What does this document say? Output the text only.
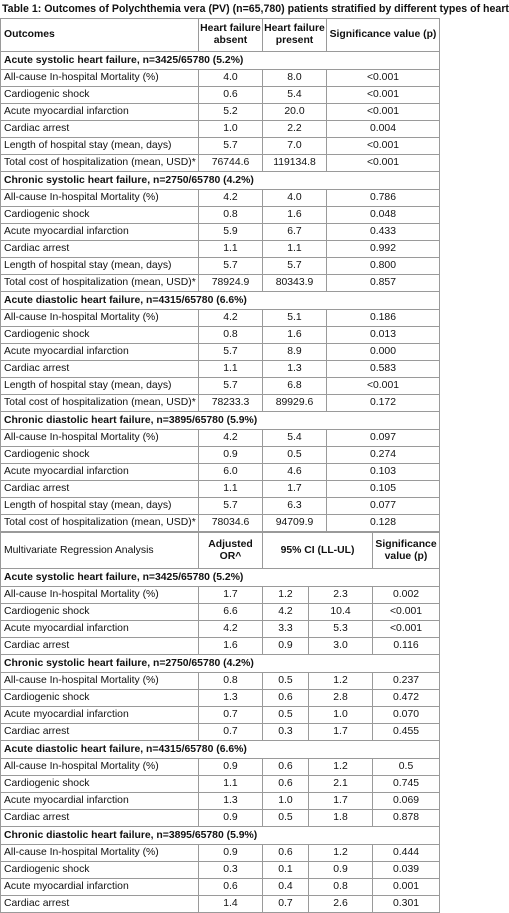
Table 1: Outcomes of Polychthemia vera (PV) (n=65,780) patients stratified by different types of heart
Outcomes	Heart failure absent	Heart failure present	Significance value (p)
Acute systolic heart failure, n=3425/65780 (5.2%)			
All-cause In-hospital Mortality (%)	4.0	8.0	<0.001
Cardiogenic shock	0.6	5.4	<0.001
Acute myocardial infarction	5.2	20.0	<0.001
Cardiac arrest	1.0	2.2	0.004
Length of hospital stay (mean, days)	5.7	7.0	<0.001
Total cost of hospitalization (mean, USD)*	76744.6	119134.8	<0.001
Chronic systolic heart failure, n=2750/65780 (4.2%)			
All-cause In-hospital Mortality (%)	4.2	4.0	0.786
Cardiogenic shock	0.8	1.6	0.048
Acute myocardial infarction	5.9	6.7	0.433
Cardiac arrest	1.1	1.1	0.992
Length of hospital stay (mean, days)	5.7	5.7	0.800
Total cost of hospitalization (mean, USD)*	78924.9	80343.9	0.857
Acute diastolic heart failure, n=4315/65780 (6.6%)			
All-cause In-hospital Mortality (%)	4.2	5.1	0.186
Cardiogenic shock	0.8	1.6	0.013
Acute myocardial infarction	5.7	8.9	0.000
Cardiac arrest	1.1	1.3	0.583
Length of hospital stay (mean, days)	5.7	6.8	<0.001
Total cost of hospitalization (mean, USD)*	78233.3	89929.6	0.172
Chronic diastolic heart failure, n=3895/65780 (5.9%)			
All-cause In-hospital Mortality (%)	4.2	5.4	0.097
Cardiogenic shock	0.9	0.5	0.274
Acute myocardial infarction	6.0	4.6	0.103
Cardiac arrest	1.1	1.7	0.105
Length of hospital stay (mean, days)	5.7	6.3	0.077
Total cost of hospitalization (mean, USD)*	78034.6	94709.9	0.128
Multivariate Regression Analysis	Adjusted OR^	95% CI (LL-UL)		Significance value (p)
Acute systolic heart failure, n=3425/65780 (5.2%)				
All-cause In-hospital Mortality (%)	1.7	1.2	2.3	0.002
Cardiogenic shock	6.6	4.2	10.4	<0.001
Acute myocardial infarction	4.2	3.3	5.3	<0.001
Cardiac arrest	1.6	0.9	3.0	0.116
Chronic systolic heart failure, n=2750/65780 (4.2%)				
All-cause In-hospital Mortality (%)	0.8	0.5	1.2	0.237
Cardiogenic shock	1.3	0.6	2.8	0.472
Acute myocardial infarction	0.7	0.5	1.0	0.070
Cardiac arrest	0.7	0.3	1.7	0.455
Acute diastolic heart failure, n=4315/65780 (6.6%)				
All-cause In-hospital Mortality (%)	0.9	0.6	1.2	0.5
Cardiogenic shock	1.1	0.6	2.1	0.745
Acute myocardial infarction	1.3	1.0	1.7	0.069
Cardiac arrest	0.9	0.5	1.8	0.878
Chronic diastolic heart failure, n=3895/65780 (5.9%)				
All-cause In-hospital Mortality (%)	0.9	0.6	1.2	0.444
Cardiogenic shock	0.3	0.1	0.9	0.039
Acute myocardial infarction	0.6	0.4	0.8	0.001
Cardiac arrest	1.4	0.7	2.6	0.301
